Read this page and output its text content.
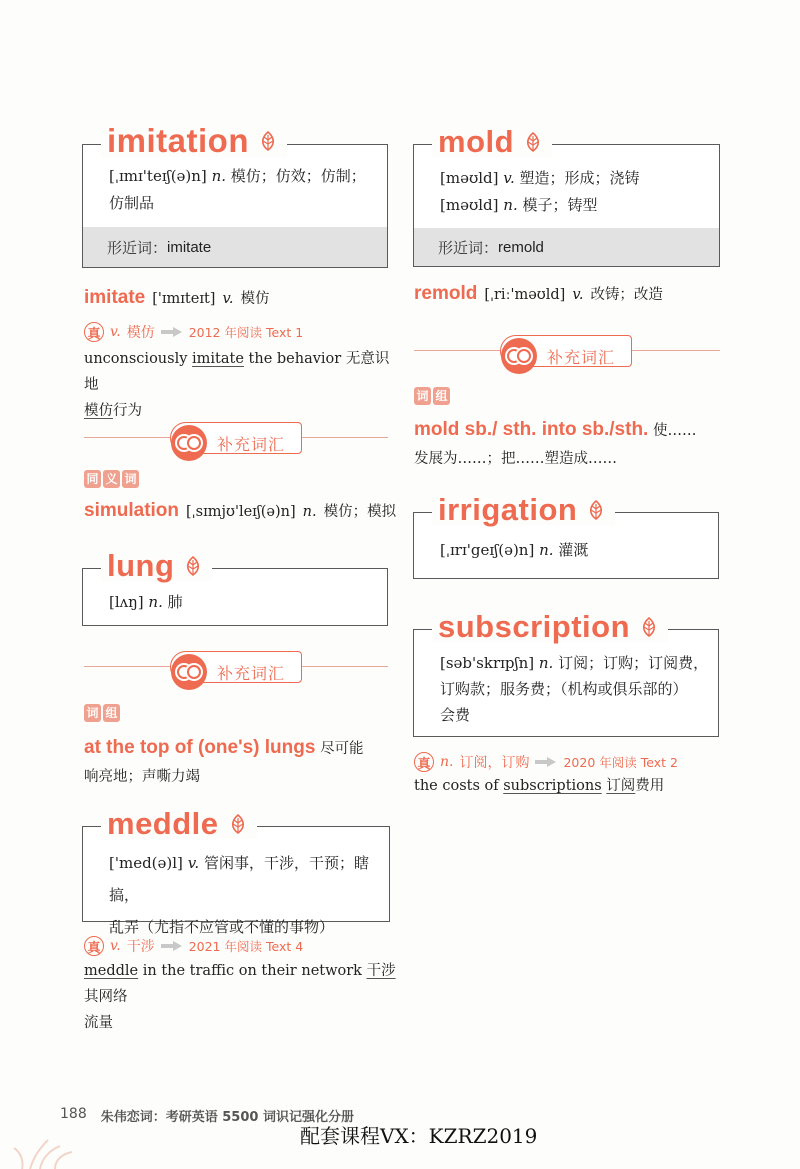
[ˌɪmɪ'teɪʃ(ə)n] n. 模仿；仿效；仿制；
仿制品
形近词： imitate
imitation
imitate ['ɪmɪteɪt] v. 模仿
真 v. 模仿	2012 年阅读 Text 1
unconsciously imitate the behavior 无意识地
模仿行为
补充词汇
同 义 词
simulation [ˌsɪmjʊ'leɪʃ(ə)n] n. 模仿；模拟
[lʌŋ] n. 肺
lung
补充词汇
词 组
at the top of (one's) lungs 尽可能
响亮地；声嘶力竭
['med(ə)l] v. 管闲事，干涉，干预；瞎搞，
乱弄（尤指不应管或不懂的事物）
meddle
真 v. 干涉	2021 年阅读 Text 4
meddle in the traffic on their network 干涉其网络
流量
[məʊld] v. 塑造；形成；浇铸
[məʊld] n. 模子；铸型
形近词： remold
mold
remold [ˌriː'məʊld] v. 改铸；改造
补充词汇
词 组
mold sb./ sth. into sb./sth. 使……
发展为……；把……塑造成……
[ˌɪrɪ'geɪʃ(ə)n] n. 灌溉
irrigation
[səb'skrɪpʃn] n. 订阅；订购；订阅费，
订购款；服务费；（机构或俱乐部的）
会费
subscription
真 n. 订阅，订购	2020 年阅读 Text 2
the costs of subscriptions 订阅费用
188 朱伟恋词：考研英语 5500 词识记强化分册
配套课程VX：KZRZ2019
